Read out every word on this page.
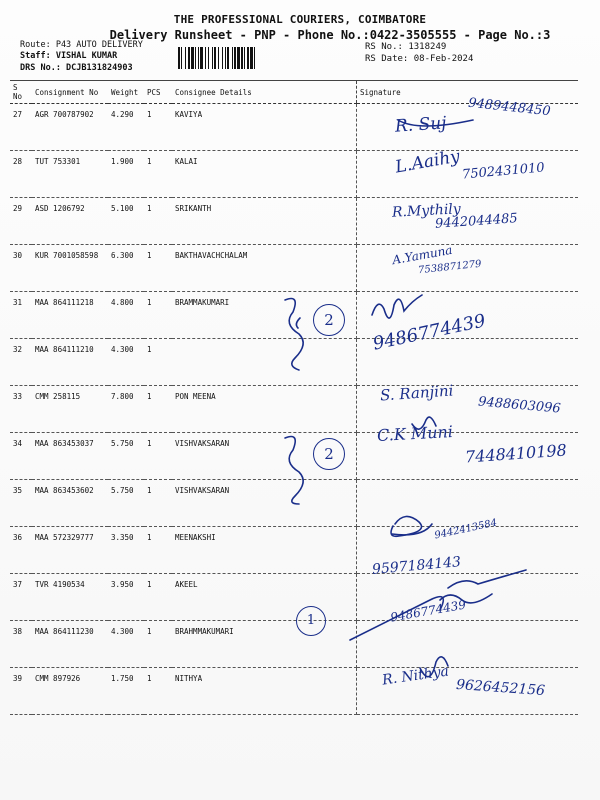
THE PROFESSIONAL COURIERS, COIMBATORE
Delivery Runsheet - PNP - Phone No.:0422-3505555 - Page No.:3
Route: P43 AUTO DELIVERY
Staff: VISHAL KUMAR
DRS No.: DCJB131824903
RS No.: 1318249
RS Date: 08-Feb-2024
S No	Consignment No	Weight	PCS	Consignee Details	Signature
27	AGR 700787902	4.290	1	KAVIYA	
28	TUT 753301	1.900	1	KALAI	
29	ASD 1206792	5.100	1	SRIKANTH	
30	KUR 7001058598	6.300	1	BAKTHAVACHCHALAM	
31	MAA 864111218	4.800	1	BRAMMAKUMARI	
32	MAA 864111210	4.300	1		
33	CMM 258115	7.800	1	PON MEENA	
34	MAA 863453037	5.750	1	VISHVAKSARAN	
35	MAA 863453602	5.750	1	VISHVAKSARAN	
36	MAA 572329777	3.350	1	MEENAKSHI	
37	TVR 4190534	3.950	1	AKEEL	
38	MAA 864111230	4.300	1	BRAHMMAKUMARI	
39	CMM 897926	1.750	1	NITHYA	
9489448450
R. Suj
L.Aaihy 7502431010
R.Mythily
9442044485
A.Yamuna
7538871279
9486774439
S. Ranjini
9488603096
C.K Muni
7448410198
9442413584
9597184143
9486774439
R. Nithya 9626452156
2
2
1
